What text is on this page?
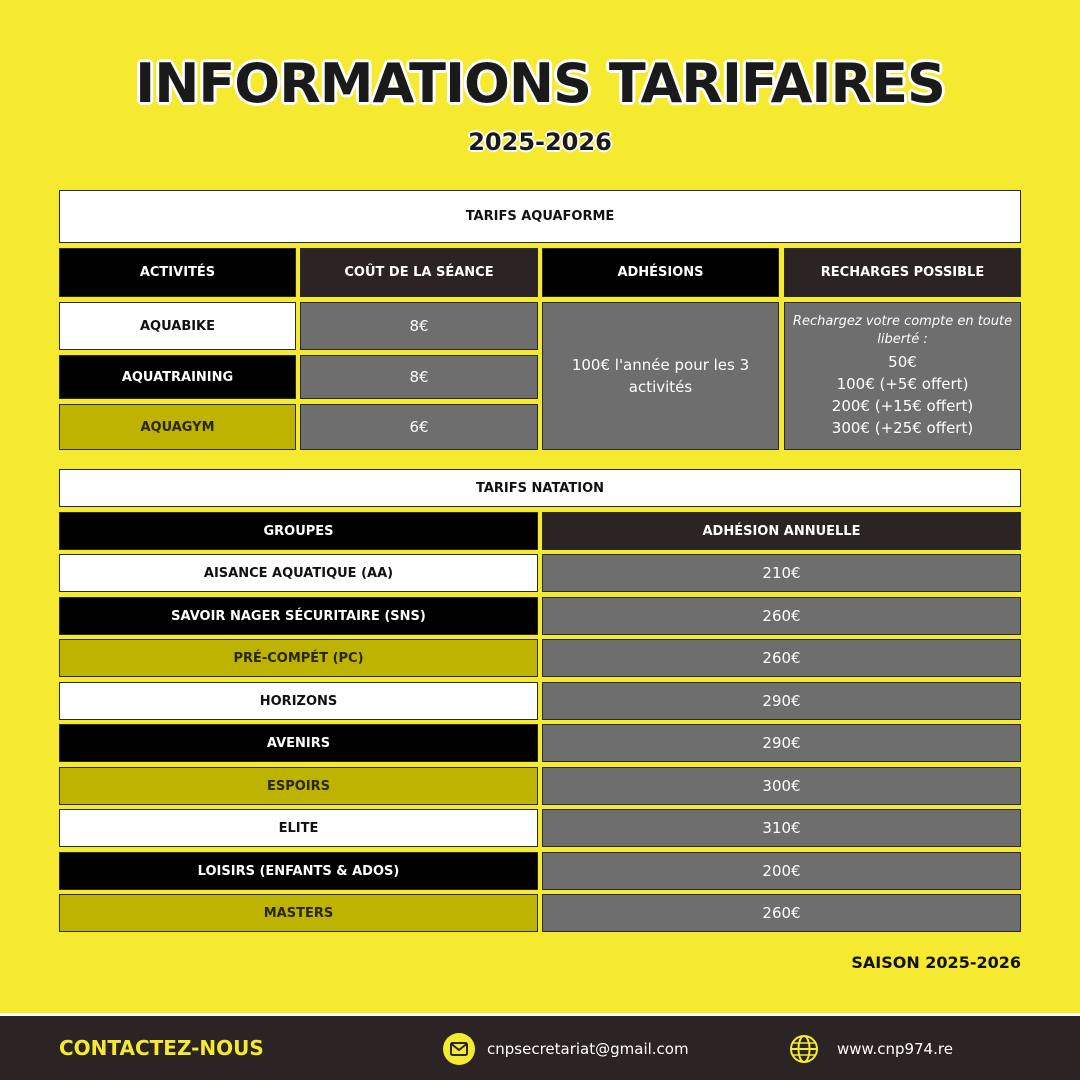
INFORMATIONS TARIFAIRES
2025-2026
TARIFS AQUAFORME
ACTIVITÉS	COÛT DE LA SÉANCE	ADHÉSIONS	RECHARGES POSSIBLE
AQUABIKE	8€
AQUATRAINING	8€
AQUAGYM	6€
100€ l'année pour les 3 activités
Rechargez votre compte en toute liberté :
50€
100€ (+5€ offert)
200€ (+15€ offert)
300€ (+25€ offert)
TARIFS NATATION
GROUPES	ADHÉSION ANNUELLE
AISANCE AQUATIQUE (AA)	210€
SAVOIR NAGER SÉCURITAIRE (SNS)	260€
PRÉ-COMPÉT (PC)	260€
HORIZONS	290€
AVENIRS	290€
ESPOIRS	300€
ELITE	310€
LOISIRS (ENFANTS & ADOS)	200€
MASTERS	260€
SAISON 2025-2026
CONTACTEZ-NOUS	cnpsecretariat@gmail.com	www.cnp974.re
